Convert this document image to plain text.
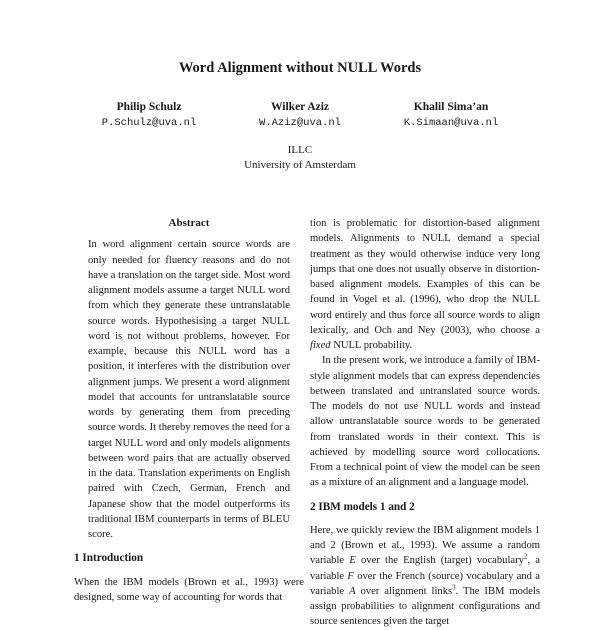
Word Alignment without NULL Words
Philip Schulz
P.Schulz@uva.nl
Wilker Aziz
W.Aziz@uva.nl
Khalil Sima’an
K.Simaan@uva.nl
ILLC
University of Amsterdam
Abstract

In word alignment certain source words are only needed for fluency reasons and do not have a translation on the target side. Most word alignment models assume a target NULL word from which they generate these untranslatable source words. Hypothesising a target NULL word is not without problems, however. For example, because this NULL word has a position, it interferes with the distribution over alignment jumps. We present a word alignment model that accounts for untranslatable source words by generating them from preceding source words. It thereby removes the need for a target NULL word and only models alignments between word pairs that are actually observed in the data. Translation experiments on English paired with Czech, German, French and Japanese show that the model outperforms its traditional IBM counterparts in terms of BLEU score.

1 Introduction

When the IBM models (Brown et al., 1993) were designed, some way of accounting for words that

tion is problematic for distortion-based alignment models. Alignments to NULL demand a special treatment as they would otherwise induce very long jumps that one does not usually observe in distortion-based alignment models. Examples of this can be found in Vogel et al. (1996), who drop the NULL word entirely and thus force all source words to align lexically, and Och and Ney (2003), who choose a fixed NULL probability.

In the present work, we introduce a family of IBM-style alignment models that can express dependencies between translated and untranslated source words. The models do not use NULL words and instead allow untranslatable source words to be generated from translated words in their context. This is achieved by modelling source word collocations. From a technical point of view the model can be seen as a mixture of an alignment and a language model.

2 IBM models 1 and 2

Here, we quickly review the IBM alignment models 1 and 2 (Brown et al., 1993). We assume a random variable E over the English (target) vocabulary$^2$, a variable F over the French (source) vocabulary and a variable A over alignment links$^3$. The IBM models assign probabilities to alignment configurations and source sentences given the target
